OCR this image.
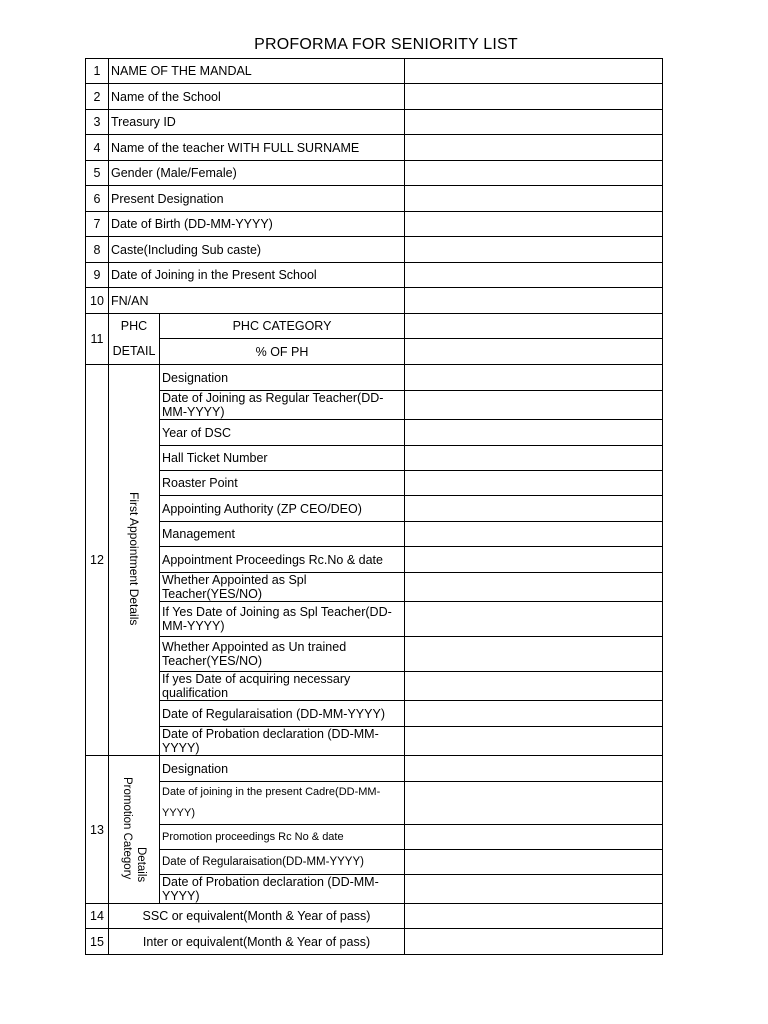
PROFORMA FOR SENIORITY LIST
1	NAME OF THE MANDAL		
2	Name of the School		
3	Treasury ID		
4	Name of the teacher WITH FULL SURNAME		
5	Gender (Male/Female)		
6	Present Designation		
7	Date of Birth (DD-MM-YYYY)		
8	Caste(Including Sub caste)		
9	Date of Joining in the Present School		
10	FN/AN		
11	PHC	PHC CATEGORY	
	DETAIL	% OF PH	
12	First Appointment Details	Designation	
		Date of Joining as Regular Teacher(DD-MM-YYYY)	
		Year of DSC	
		Hall Ticket Number	
		Roaster Point	
		Appointing Authority (ZP CEO/DEO)	
		Management	
		Appointment Proceedings Rc.No & date	
		Whether Appointed as Spl Teacher(YES/NO)	
		If Yes Date of Joining as Spl Teacher(DD-MM-YYYY)	
		Whether Appointed as Un trained Teacher(YES/NO)	
		If yes Date of acquiring necessary qualification	
		Date of Regularaisation (DD-MM-YYYY)	
		Date of Probation declaration (DD-MM-YYYY)	
13	Promotion Category Details	Designation	
		Date of joining in the present Cadre(DD-MM-YYYY)	
		Promotion proceedings Rc No & date	
		Date of Regularaisation(DD-MM-YYYY)	
		Date of Probation declaration (DD-MM-YYYY)	
14	SSC or equivalent(Month & Year of pass)		
15	Inter or equivalent(Month & Year of pass)		
